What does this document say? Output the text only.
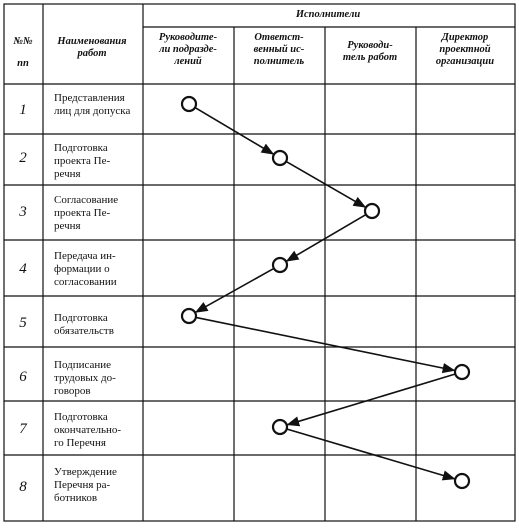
№№
пп
Наименования
работ
Исполнители
Руководите-
ли подразде-
лений
Ответст-
венный ис-
полнитель
Руководи-
тель работ
Директор
проектной
организации
1
2
3
4
5
6
7
8
Представления
лиц для допуска
Подготовка
проекта Пе-
речня
Согласование
проекта Пе-
речня
Передача ин-
формации о
согласовании
Подготовка
обязательств
Подписание
трудовых до-
говоров
Подготовка
окончательно-
го Перечня
Утверждение
Перечня ра-
ботников
